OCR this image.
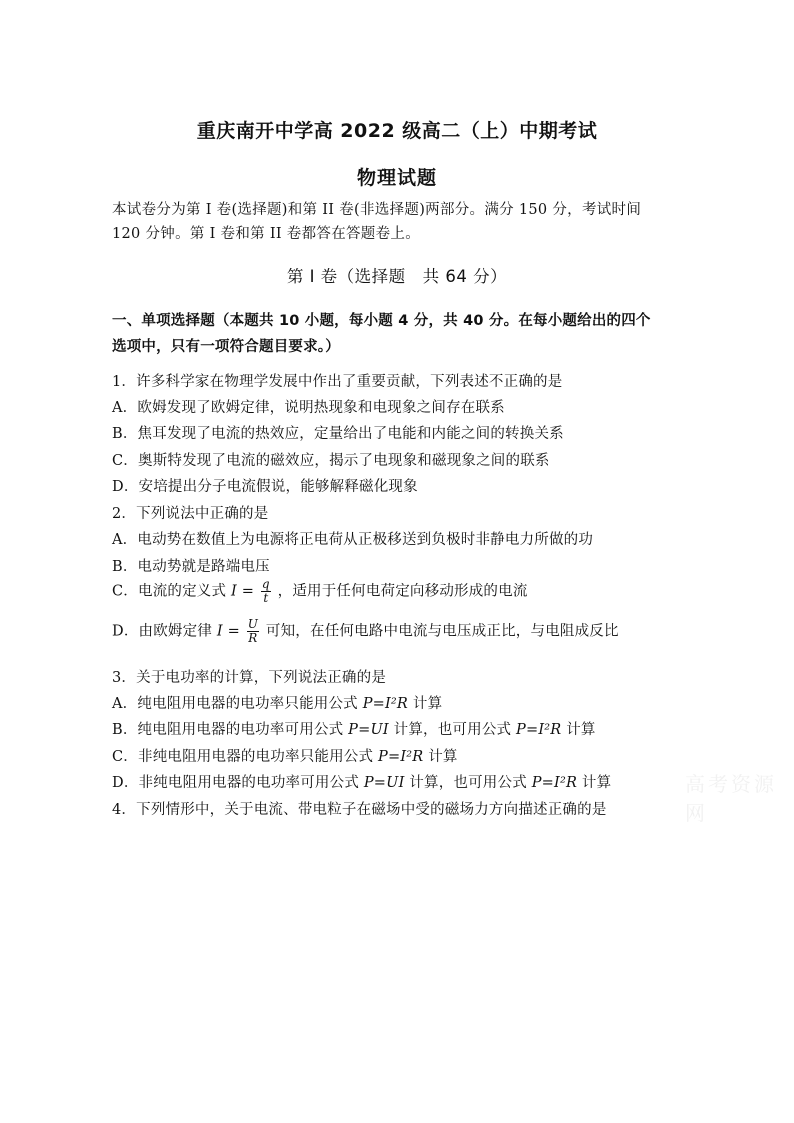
重庆南开中学高 2022 级高二（上）中期考试
物理试题
本试卷分为第 I 卷(选择题)和第 II 卷(非选择题)两部分。满分 150 分，考试时间
120 分钟。第 I 卷和第 II 卷都答在答题卷上。
第 I 卷（选择题　共 64 分）
一、单项选择题（本题共 10 小题，每小题 4 分，共 40 分。在每小题给出的四个
选项中，只有一项符合题目要求。）
1．许多科学家在物理学发展中作出了重要贡献，下列表述不正确的是
A．欧姆发现了欧姆定律，说明热现象和电现象之间存在联系
B．焦耳发现了电流的热效应，定量给出了电能和内能之间的转换关系
C．奥斯特发现了电流的磁效应，揭示了电现象和磁现象之间的联系
D．安培提出分子电流假说，能够解释磁化现象
2．下列说法中正确的是
A．电动势在数值上为电源将正电荷从正极移送到负极时非静电力所做的功
B．电动势就是路端电压
C．电流的定义式 $I = \frac{q}{t}$ ，适用于任何电荷定向移动形成的电流
D．由欧姆定律 $I = \frac{U}{R}$ 可知，在任何电路中电流与电压成正比，与电阻成反比
3．关于电功率的计算，下列说法正确的是
A．纯电阻用电器的电功率只能用公式 P=I²R 计算
B．纯电阻用电器的电功率可用公式 P=UI 计算，也可用公式 P=I²R 计算
C．非纯电阻用电器的电功率只能用公式 P=I²R 计算
D．非纯电阻用电器的电功率可用公式 P=UI 计算，也可用公式 P=I²R 计算
4．下列情形中，关于电流、带电粒子在磁场中受的磁场力方向描述正确的是
高考资源网
